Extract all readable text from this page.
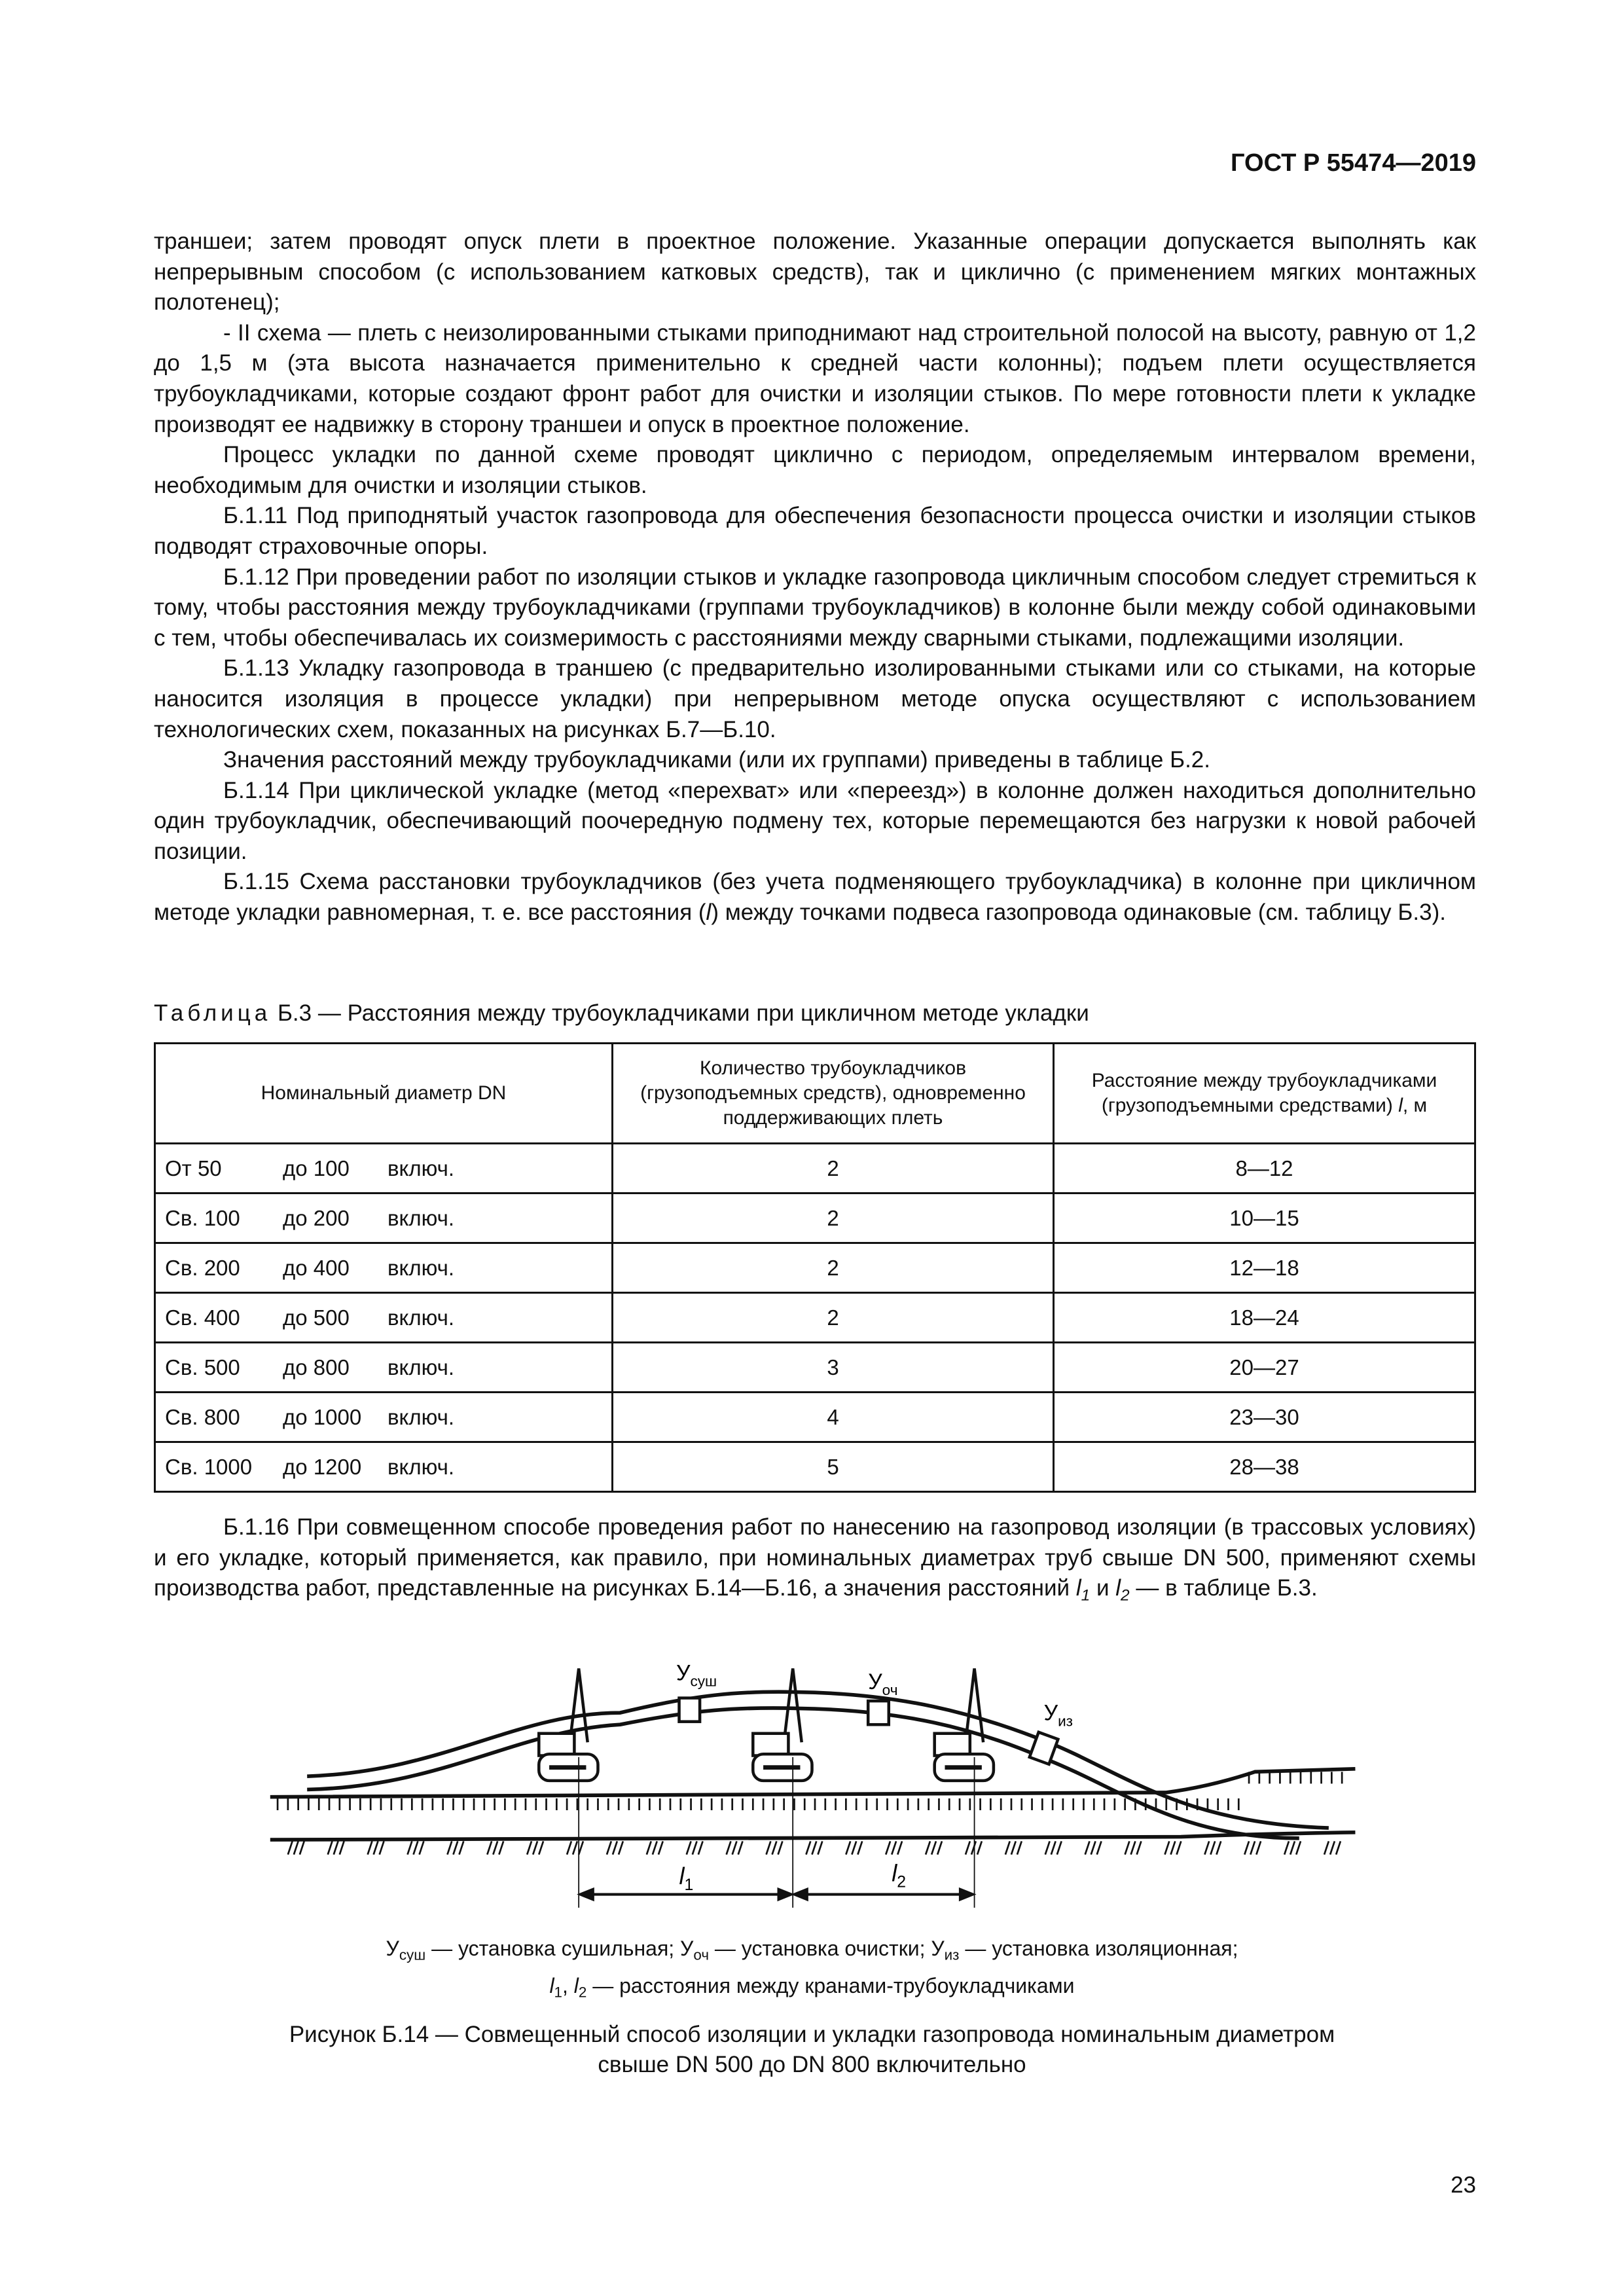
ГОСТ Р 55474—2019

траншеи; затем проводят опуск плети в проектное положение. Указанные операции допускается выполнять как непрерывным способом (с использованием катковых средств), так и циклично (с применением мягких монтажных полотенец);

- II схема — плеть с неизолированными стыками приподнимают над строительной полосой на высоту, равную от 1,2 до 1,5 м (эта высота назначается применительно к средней части колонны); подъем плети осуществляется трубоукладчиками, которые создают фронт работ для очистки и изоляции стыков. По мере готовности плети к укладке производят ее надвижку в сторону траншеи и опуск в проектное положение.

Процесс укладки по данной схеме проводят циклично с периодом, определяемым интервалом времени, необходимым для очистки и изоляции стыков.

Б.1.11 Под приподнятый участок газопровода для обеспечения безопасности процесса очистки и изоляции стыков подводят страховочные опоры.

Б.1.12 При проведении работ по изоляции стыков и укладке газопровода цикличным способом следует стремиться к тому, чтобы расстояния между трубоукладчиками (группами трубоукладчиков) в колонне были между собой одинаковыми с тем, чтобы обеспечивалась их соизмеримость с расстояниями между сварными стыками, подлежащими изоляции.

Б.1.13 Укладку газопровода в траншею (с предварительно изолированными стыками или со стыками, на которые наносится изоляция в процессе укладки) при непрерывном методе опуска осуществляют с использованием технологических схем, показанных на рисунках Б.7—Б.10.

Значения расстояний между трубоукладчиками (или их группами) приведены в таблице Б.2.

Б.1.14 При циклической укладке (метод «перехват» или «переезд») в колонне должен находиться дополнительно один трубоукладчик, обеспечивающий поочередную подмену тех, которые перемещаются без нагрузки к новой рабочей позиции.

Б.1.15 Схема расстановки трубоукладчиков (без учета подменяющего трубоукладчика) в колонне при цикличном методе укладки равномерная, т. е. все расстояния (l) между точками подвеса газопровода одинаковые (см. таблицу Б.3).

Таблица Б.3 — Расстояния между трубоукладчиками при цикличном методе укладки
Номинальный диаметр DN	Количество трубоукладчиков (грузоподъемных средств), одновременно поддерживающих плеть	Расстояние между трубоукладчиками (грузоподъемными средствами) l, м
От 50 до 100 включ.	2	8—12
Св. 100 до 200 включ.	2	10—15
Св. 200 до 400 включ.	2	12—18
Св. 400 до 500 включ.	2	18—24
Св. 500 до 800 включ.	3	20—27
Св. 800 до 1000 включ.	4	23—30
Св. 1000 до 1200 включ.	5	28—38

Б.1.16 При совмещенном способе проведения работ по нанесению на газопровод изоляции (в трассовых условиях) и его укладке, который применяется, как правило, при номинальных диаметрах труб свыше DN 500, применяют схемы производства работ, представленные на рисунках Б.14—Б.16, а значения расстояний $l_1$ и $l_2$ — в таблице Б.3.

$l_1$	$l_2$
$У_{суш}$	$У_{оч}$
$У_{из}$
$У_{суш}$ — установка сушильная; $У_{оч}$ — установка очистки; $У_{из}$ — установка изоляционная;
$l_1$, $l_2$ — расстояния между кранами-трубоукладчиками
Рисунок Б.14 — Совмещенный способ изоляции и укладки газопровода номинальным диаметром
свыше DN 500 до DN 800 включительно
23
